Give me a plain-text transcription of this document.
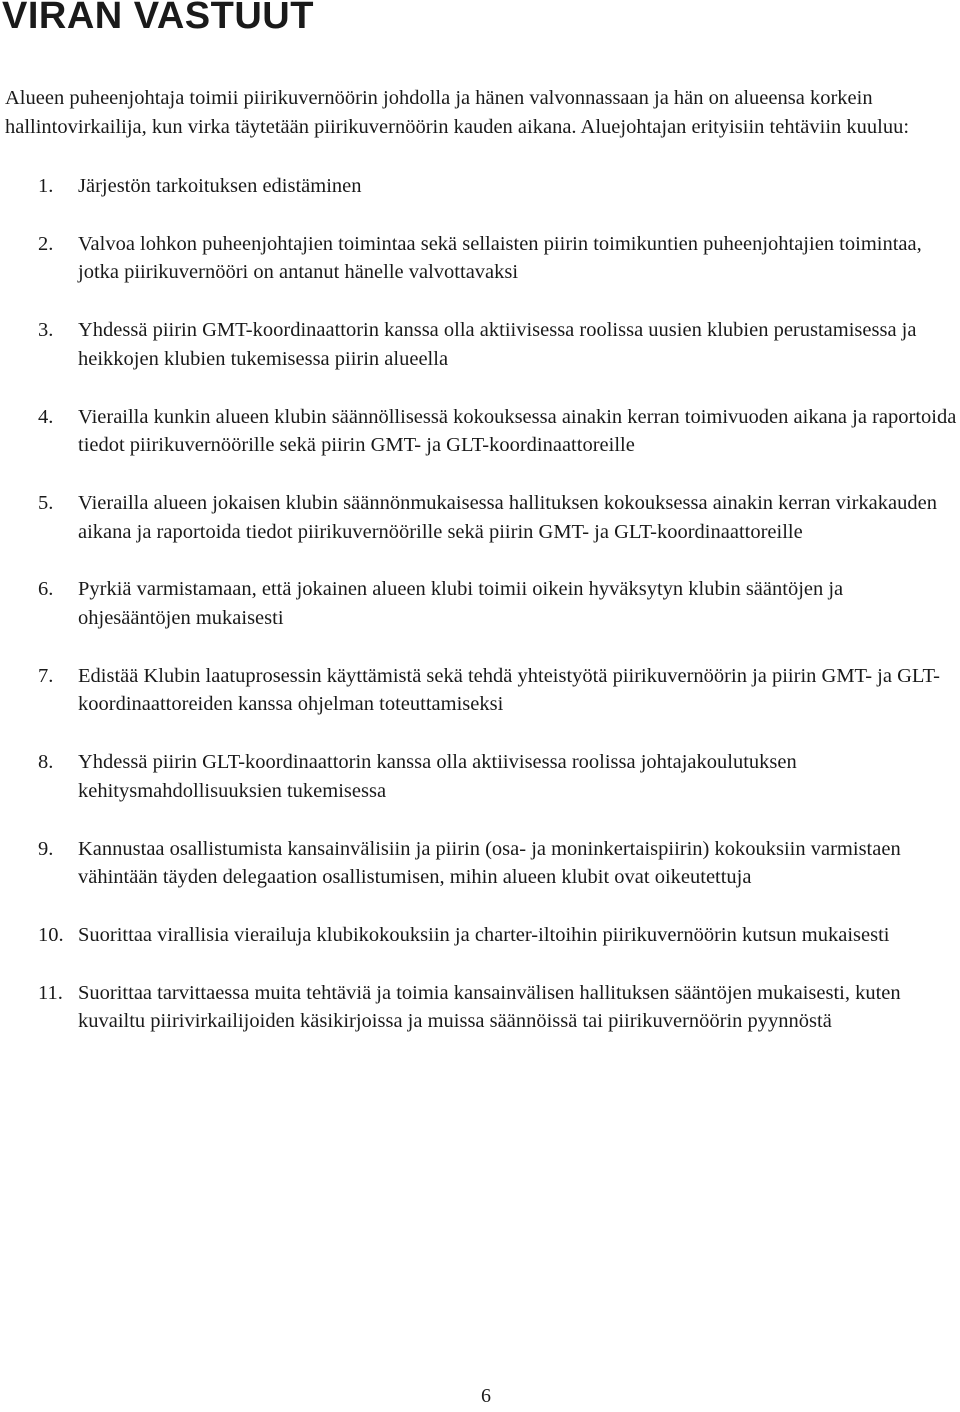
VIRAN VASTUUT

Alueen puheenjohtaja toimii piirikuvernöörin johdolla ja hänen valvonnassaan ja hän on alueensa korkein hallintovirkailija, kun virka täytetään piirikuvernöörin kauden aikana. Aluejohtajan erityisiin tehtäviin kuuluu:

1. Järjestön tarkoituksen edistäminen
2. Valvoa lohkon puheenjohtajien toimintaa sekä sellaisten piirin toimikuntien puheenjohtajien toimintaa, jotka piirikuvernööri on antanut hänelle valvottavaksi
3. Yhdessä piirin GMT-koordinaattorin kanssa olla aktiivisessa roolissa uusien klubien perustamisessa ja heikkojen klubien tukemisessa piirin alueella
4. Vierailla kunkin alueen klubin säännöllisessä kokouksessa ainakin kerran toimivuoden aikana ja raportoida tiedot piirikuvernöörille sekä piirin GMT- ja GLT-koordinaattoreille
5. Vierailla alueen jokaisen klubin säännönmukaisessa hallituksen kokouksessa ainakin kerran virkakauden aikana ja raportoida tiedot piirikuvernöörille sekä piirin GMT- ja GLT-koordinaattoreille
6. Pyrkiä varmistamaan, että jokainen alueen klubi toimii oikein hyväksytyn klubin sääntöjen ja ohjesääntöjen mukaisesti
7. Edistää Klubin laatuprosessin käyttämistä sekä tehdä yhteistyötä piirikuvernöörin ja piirin GMT- ja GLT-koordinaattoreiden kanssa ohjelman toteuttamiseksi
8. Yhdessä piirin GLT-koordinaattorin kanssa olla aktiivisessa roolissa johtajakoulutuksen kehitysmahdollisuuksien tukemisessa
9. Kannustaa osallistumista kansainvälisiin ja piirin (osa- ja moninkertaispiirin) kokouksiin varmistaen vähintään täyden delegaation osallistumisen, mihin alueen klubit ovat oikeutettuja
10. Suorittaa virallisia vierailuja klubikokouksiin ja charter-iltoihin piirikuvernöörin kutsun mukaisesti
11. Suorittaa tarvittaessa muita tehtäviä ja toimia kansainvälisen hallituksen sääntöjen mukaisesti, kuten kuvailtu piirivirkailijoiden käsikirjoissa ja muissa säännöissä tai piirikuvernöörin pyynnöstä
6
